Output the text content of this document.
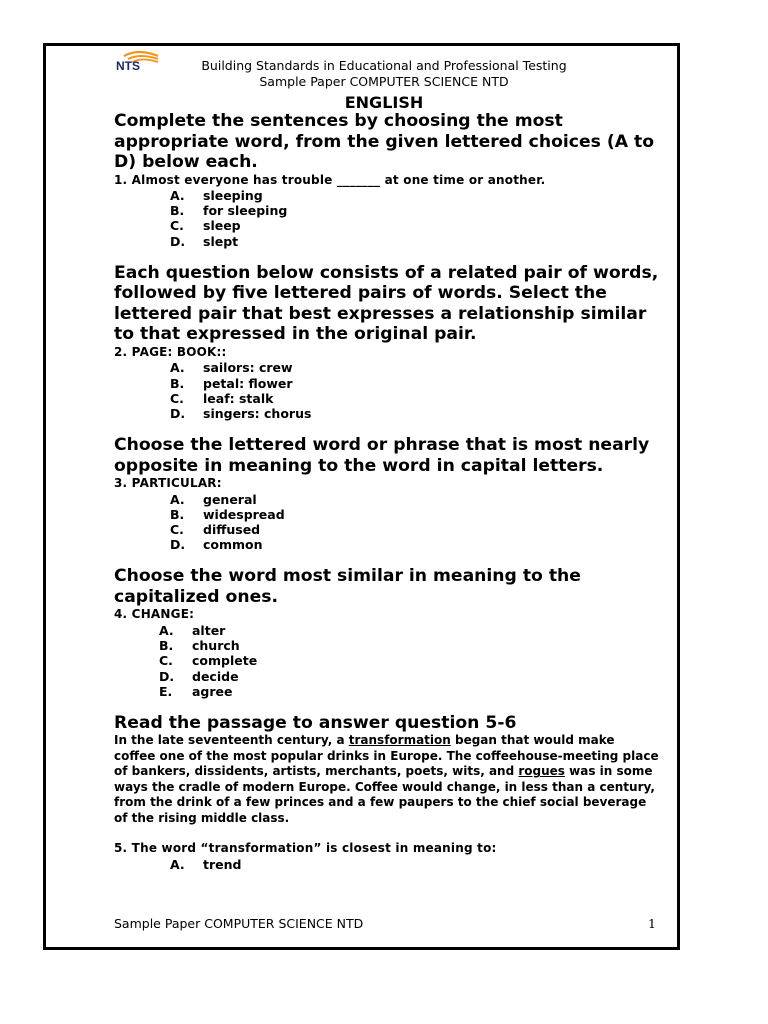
NTS	Building Standards in Educational and Professional Testing
Sample Paper COMPUTER SCIENCE NTD
ENGLISH

Complete the sentences by choosing the most appropriate word, from the given lettered choices (A to D) below each.

1. Almost everyone has trouble _______ at one time or another.

A.	sleeping
B.	for sleeping
C.	sleep
D.	slept

Each question below consists of a related pair of words, followed by five lettered pairs of words. Select the lettered pair that best expresses a relationship similar to that expressed in the original pair.

2. PAGE: BOOK::

A.	sailors: crew
B.	petal: flower
C.	leaf: stalk
D.	singers: chorus

Choose the lettered word or phrase that is most nearly opposite in meaning to the word in capital letters.

3. PARTICULAR:

A.	general
B.	widespread
C.	diffused
D.	common

Choose the word most similar in meaning to the capitalized ones.

4. CHANGE:

A.	alter
B.	church
C.	complete
D.	decide
E.	agree

Read the passage to answer question 5-6

In the late seventeenth century, a transformation began that would make coffee one of the most popular drinks in Europe. The coffeehouse-meeting place of bankers, dissidents, artists, merchants, poets, wits, and rogues was in some ways the cradle of modern Europe. Coffee would change, in less than a century, from the drink of a few princes and a few paupers to the chief social beverage of the rising middle class.

5. The word “transformation” is closest in meaning to:

A.	trend
Sample Paper COMPUTER SCIENCE NTD	1
